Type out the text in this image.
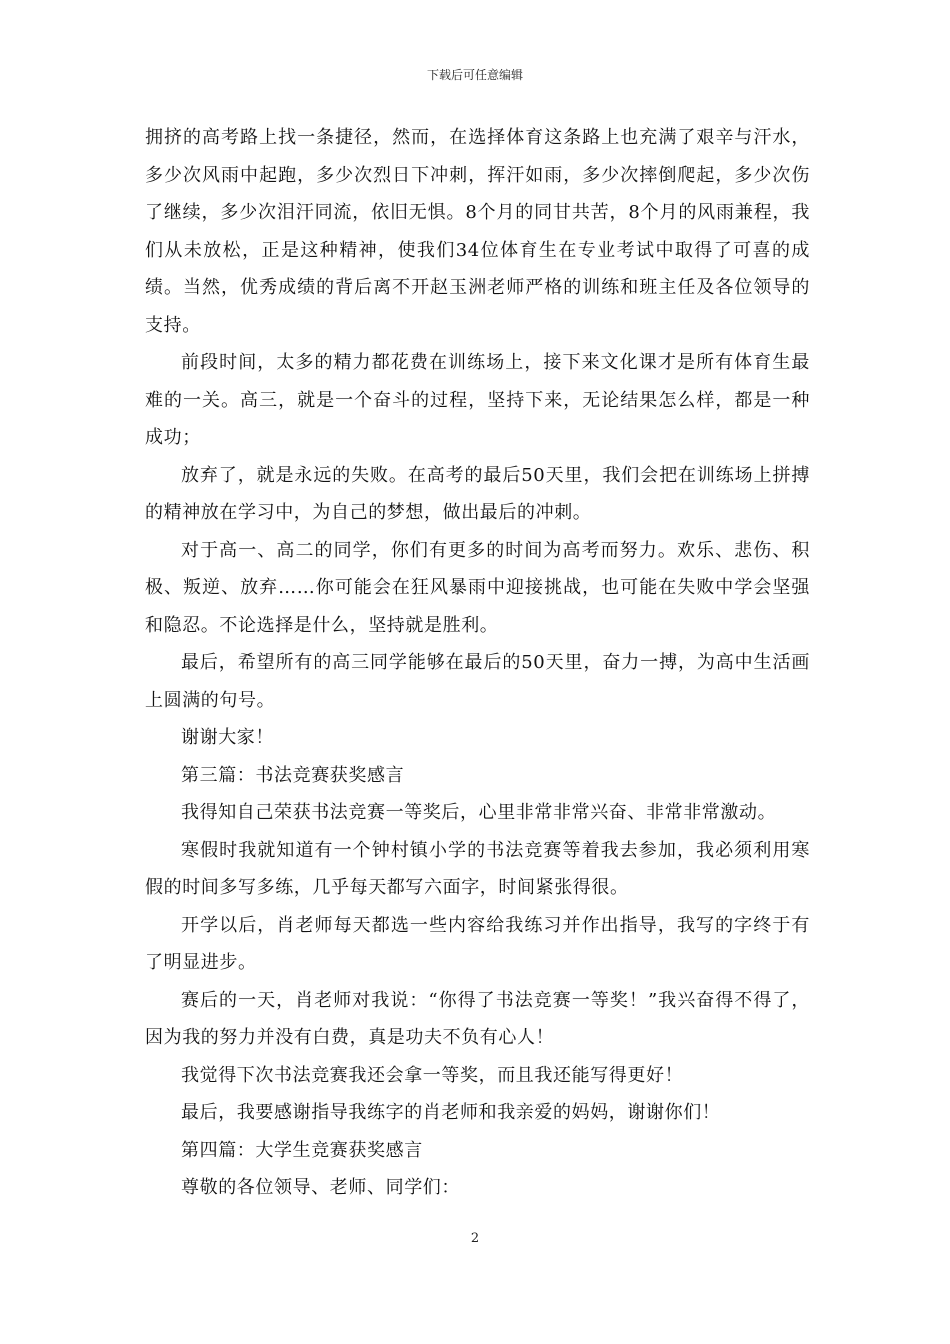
下载后可任意编辑

拥挤的高考路上找一条捷径，然而，在选择体育这条路上也充满了艰辛与汗水，多少次风雨中起跑，多少次烈日下冲刺，挥汗如雨，多少次摔倒爬起，多少次伤了继续，多少次泪汗同流，依旧无惧。8个月的同甘共苦，8个月的风雨兼程，我们从未放松，正是这种精神，使我们34位体育生在专业考试中取得了可喜的成绩。当然，优秀成绩的背后离不开赵玉洲老师严格的训练和班主任及各位领导的支持。

前段时间，太多的精力都花费在训练场上，接下来文化课才是所有体育生最难的一关。高三，就是一个奋斗的过程，坚持下来，无论结果怎么样，都是一种成功；

放弃了，就是永远的失败。在高考的最后50天里，我们会把在训练场上拼搏的精神放在学习中，为自己的梦想，做出最后的冲刺。

对于高一、高二的同学，你们有更多的时间为高考而努力。欢乐、悲伤、积极、叛逆、放弃……你可能会在狂风暴雨中迎接挑战，也可能在失败中学会坚强和隐忍。不论选择是什么，坚持就是胜利。

最后，希望所有的高三同学能够在最后的50天里，奋力一搏，为高中生活画上圆满的句号。

谢谢大家！

第三篇：书法竞赛获奖感言

我得知自己荣获书法竞赛一等奖后，心里非常非常兴奋、非常非常激动。

寒假时我就知道有一个钟村镇小学的书法竞赛等着我去参加，我必须利用寒假的时间多写多练，几乎每天都写六面字，时间紧张得很。

开学以后，肖老师每天都选一些内容给我练习并作出指导，我写的字终于有了明显进步。

赛后的一天，肖老师对我说：“你得了书法竞赛一等奖！”我兴奋得不得了，因为我的努力并没有白费，真是功夫不负有心人！

我觉得下次书法竞赛我还会拿一等奖，而且我还能写得更好！

最后，我要感谢指导我练字的肖老师和我亲爱的妈妈，谢谢你们！

第四篇：大学生竞赛获奖感言

尊敬的各位领导、老师、同学们：

2
